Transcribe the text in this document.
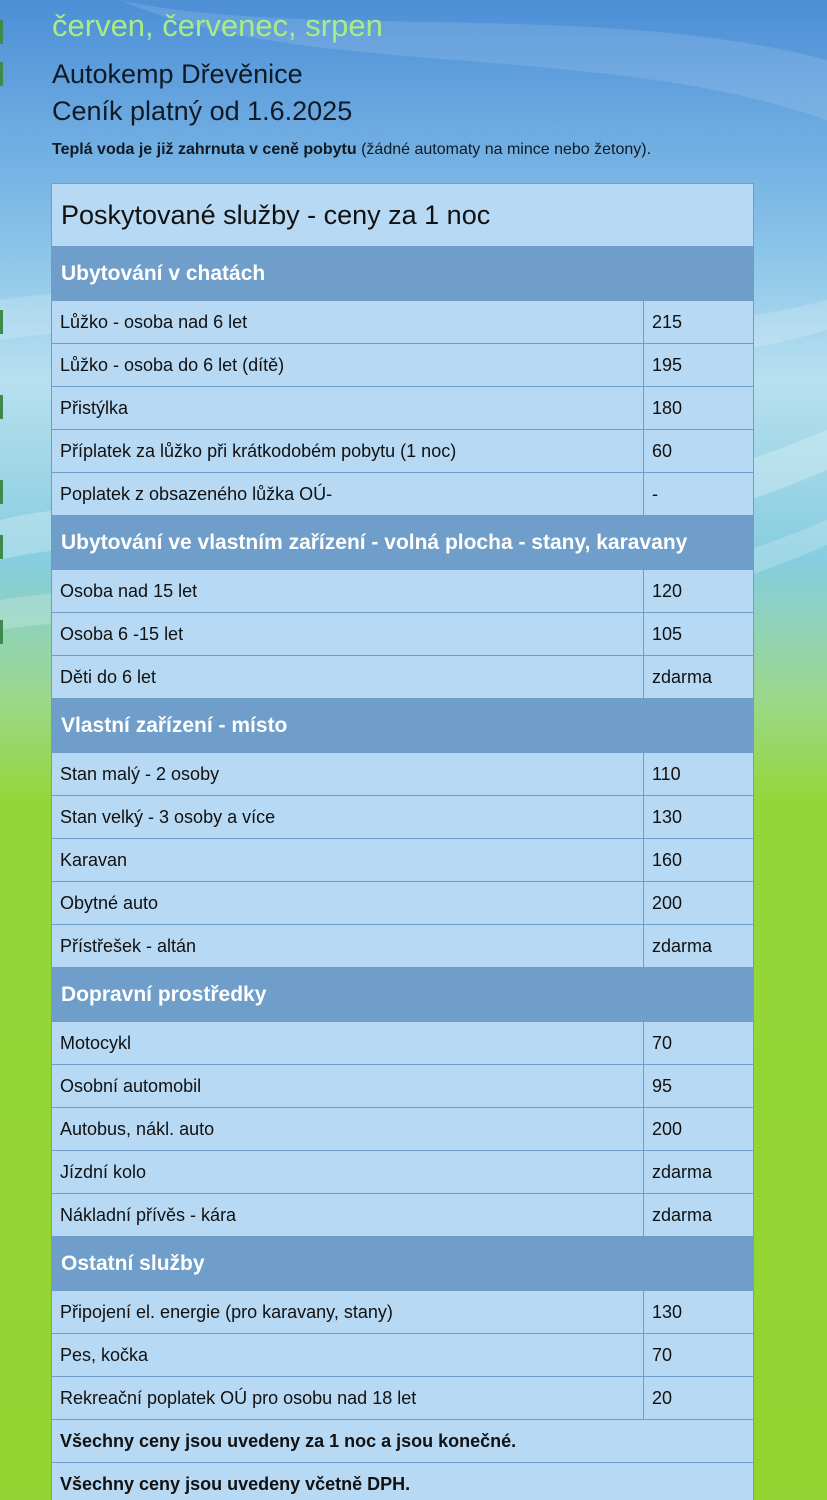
červen, červenec, srpen
Autokemp Dřevěnice
Ceník platný od 1.6.2025
Teplá voda je již zahrnuta v ceně pobytu (žádné automaty na mince nebo žetony).
Poskytované služby - ceny za 1 noc	
Ubytování v chatách	
Lůžko - osoba nad 6 let	215
Lůžko - osoba do 6 let (dítě)	195
Přistýlka	180
Příplatek za lůžko při krátkodobém pobytu (1 noc)	60
Poplatek z obsazeného lůžka OÚ-	-
Ubytování ve vlastním zařízení - volná plocha - stany, karavany	
Osoba nad 15 let	120
Osoba 6 -15 let	105
Děti do 6 let	zdarma
Vlastní zařízení - místo	
Stan malý - 2 osoby	110
Stan velký - 3 osoby a více	130
Karavan	160
Obytné auto	200
Přístřešek - altán	zdarma
Dopravní prostředky	
Motocykl	70
Osobní automobil	95
Autobus, nákl. auto	200
Jízdní kolo	zdarma
Nákladní přívěs - kára	zdarma
Ostatní služby	
Připojení el. energie (pro karavany, stany)	130
Pes, kočka	70
Rekreační poplatek OÚ pro osobu nad 18 let	20
Všechny ceny jsou uvedeny za 1 noc a jsou konečné.	
Všechny ceny jsou uvedeny včetně DPH.	
